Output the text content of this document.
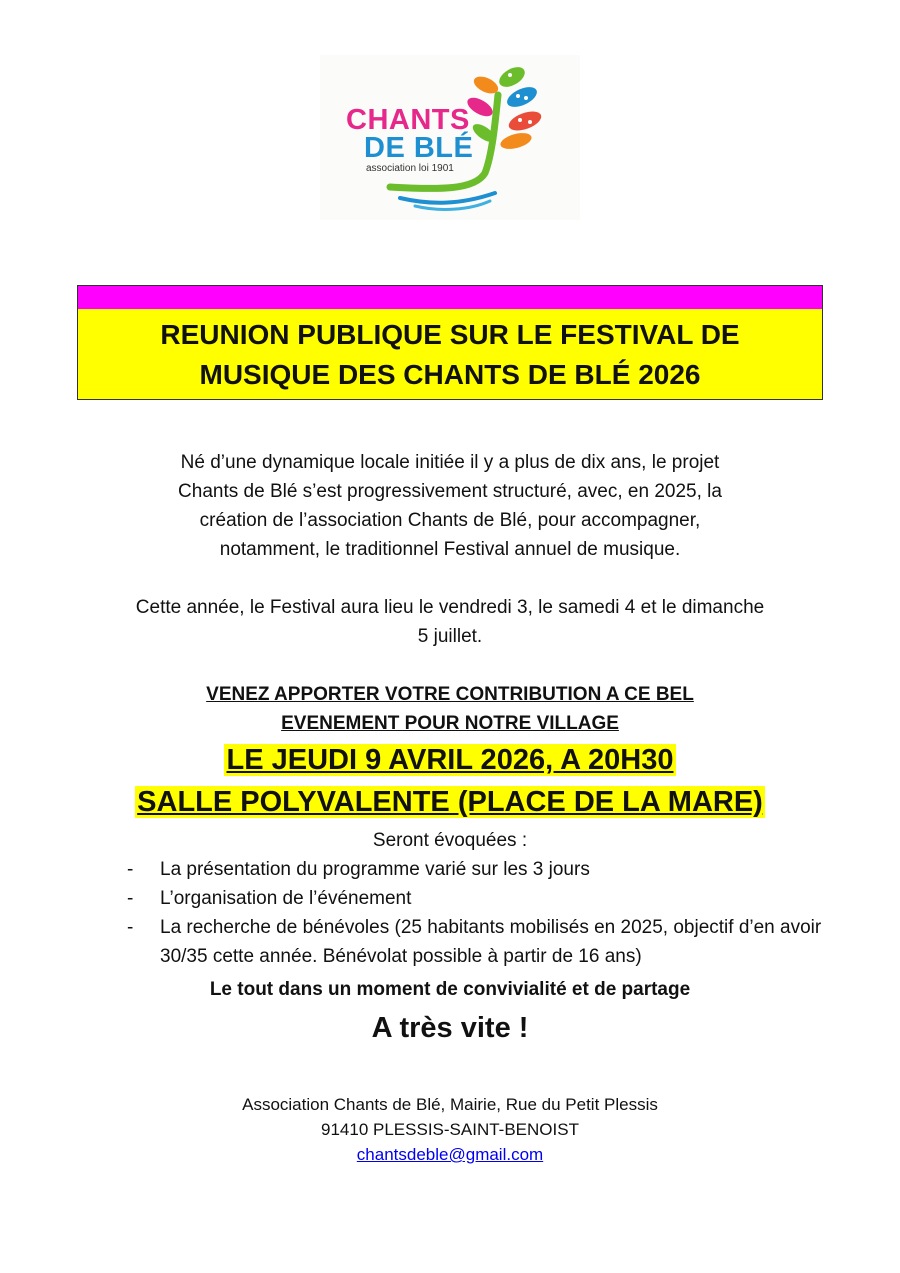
CHANTS
DE BLÉ
association loi 1901
REUNION PUBLIQUE SUR LE FESTIVAL DE
MUSIQUE DES CHANTS DE BLÉ 2026
Né d’une dynamique locale initiée il y a plus de dix ans, le projet
Chants de Blé s’est progressivement structuré, avec, en 2025, la
création de l’association Chants de Blé, pour accompagner,
notamment, le traditionnel Festival annuel de musique.
Cette année, le Festival aura lieu le vendredi 3, le samedi 4 et le dimanche
5 juillet.
VENEZ APPORTER VOTRE CONTRIBUTION A CE BEL
EVENEMENT POUR NOTRE VILLAGE
LE JEUDI 9 AVRIL 2026, A 20H30
SALLE POLYVALENTE (PLACE DE LA MARE)
Seront évoquées :
- La présentation du programme varié sur les 3 jours
- L’organisation de l’événement
- La recherche de bénévoles (25 habitants mobilisés en 2025, objectif d’en avoir 30/35 cette année. Bénévolat possible à partir de 16 ans)
Le tout dans un moment de convivialité et de partage
A très vite !
Association Chants de Blé, Mairie, Rue du Petit Plessis
91410 PLESSIS-SAINT-BENOIST
chantsdeble@gmail.com
